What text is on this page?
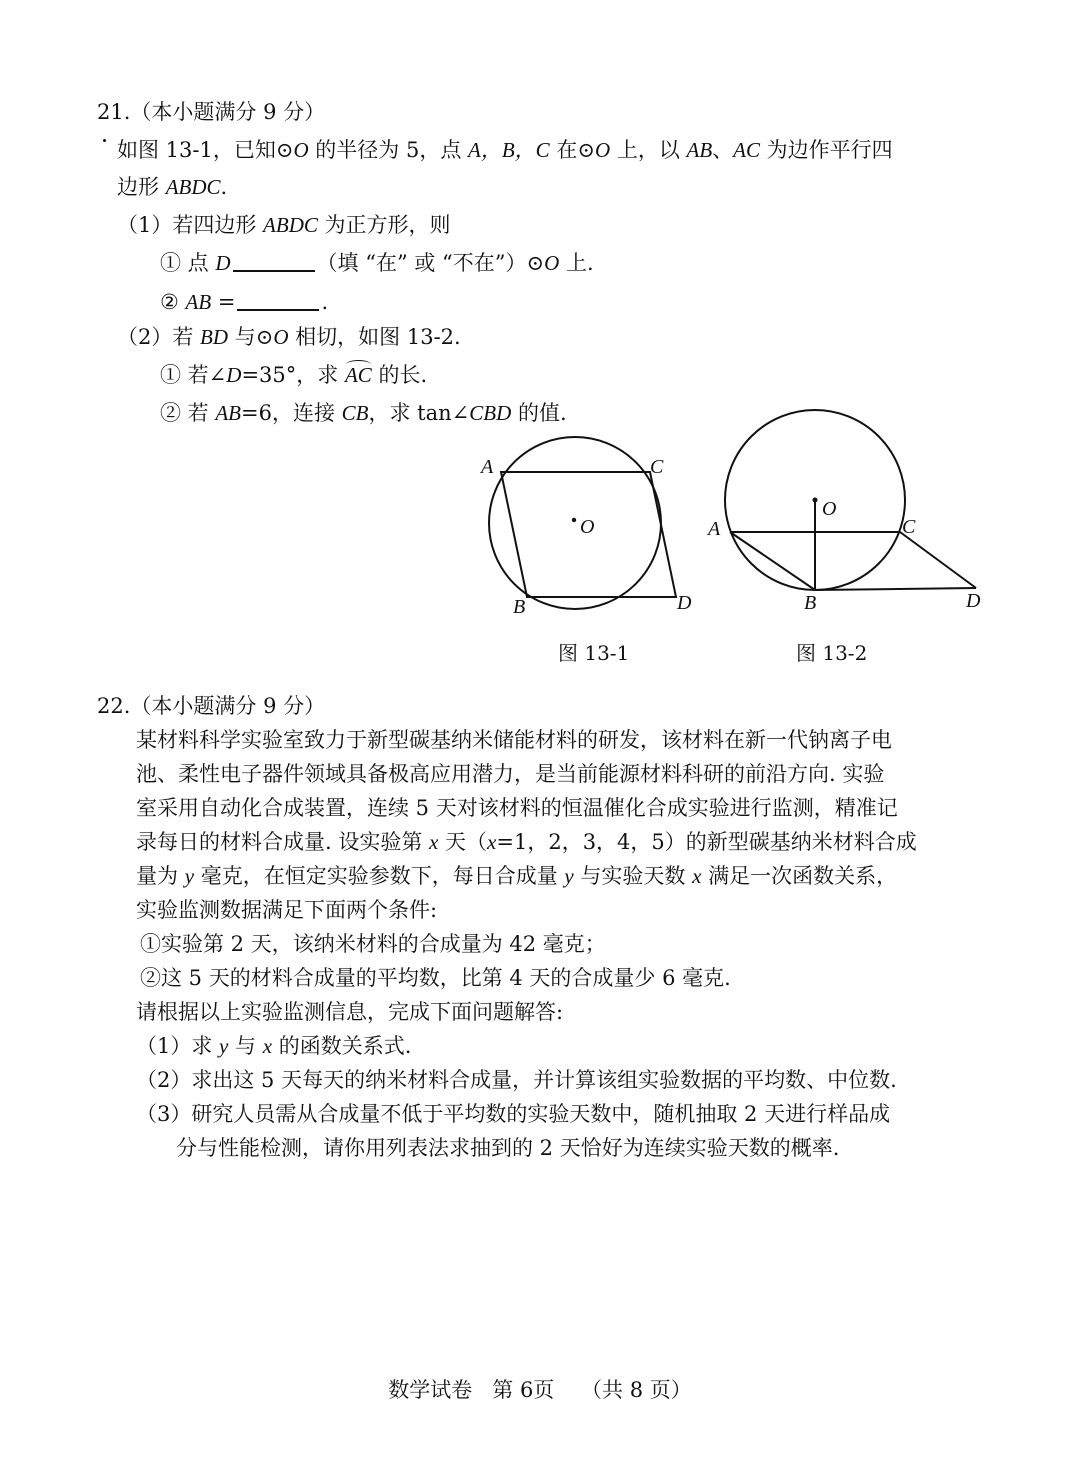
21.（本小题满分 9 分）
如图 13-1，已知⊙O 的半径为 5，点 A，B，C 在⊙O 上，以 AB、AC 为边作平行四
边形 ABDC.
（1）若四边形 ABDC 为正方形，则
① 点 D	（填 “在” 或 “不在”）⊙O 上.
② AB =	.
（2）若 BD 与⊙O 相切，如图 13-2.
① 若∠D=35°，求 AC 的长.
② 若 AB=6，连接 CB，求 tan∠CBD 的值.
A	C
O
B	D
图 13-1
O
A	C
B	D
图 13-2
22.（本小题满分 9 分）
某材料科学实验室致力于新型碳基纳米储能材料的研发，该材料在新一代钠离子电
池、柔性电子器件领域具备极高应用潜力，是当前能源材料科研的前沿方向. 实验
室采用自动化合成装置，连续 5 天对该材料的恒温催化合成实验进行监测，精准记
录每日的材料合成量. 设实验第 x 天（x=1，2，3，4，5）的新型碳基纳米材料合成
量为 y 毫克，在恒定实验参数下，每日合成量 y 与实验天数 x 满足一次函数关系，
实验监测数据满足下面两个条件:
①实验第 2 天，该纳米材料的合成量为 42 毫克；
②这 5 天的材料合成量的平均数，比第 4 天的合成量少 6 毫克.
请根据以上实验监测信息，完成下面问题解答:
（1）求 y 与 x 的函数关系式.
（2）求出这 5 天每天的纳米材料合成量，并计算该组实验数据的平均数、中位数.
（3）研究人员需从合成量不低于平均数的实验天数中，随机抽取 2 天进行样品成
分与性能检测，请你用列表法求抽到的 2 天恰好为连续实验天数的概率.
数学试卷   第 6页    （共 8 页）
